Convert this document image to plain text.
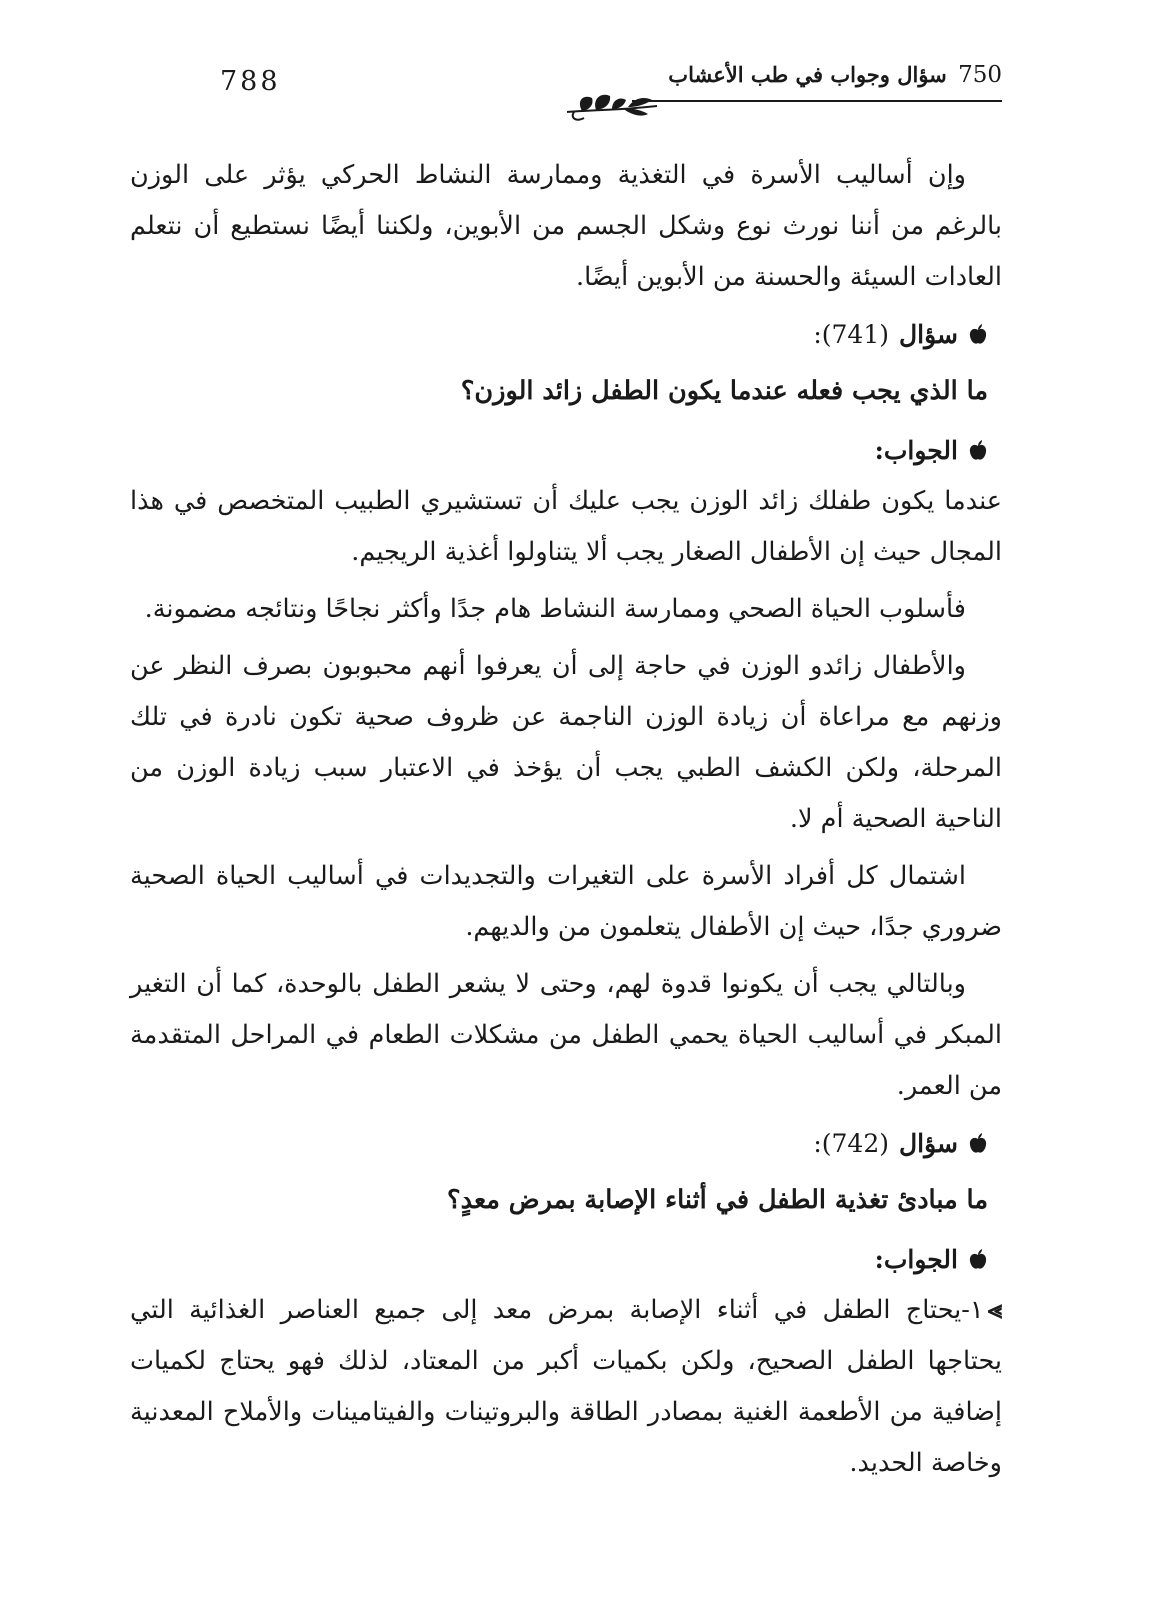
750 سؤال وجواب في طب الأعشاب
788

وإن أساليب الأسرة في التغذية وممارسة النشاط الحركي يؤثر على الوزن بالرغم من أننا نورث نوع وشكل الجسم من الأبوين، ولكننا أيضًا نستطيع أن نتعلم العادات السيئة والحسنة من الأبوين أيضًا.

سؤال
(741):
ما الذي يجب فعله عندما يكون الطفل زائد الوزن؟
الجواب:

عندما يكون طفلك زائد الوزن يجب عليك أن تستشيري الطبيب المتخصص في هذا المجال حيث إن الأطفال الصغار يجب ألا يتناولوا أغذية الريجيم.

فأسلوب الحياة الصحي وممارسة النشاط هام جدًا وأكثر نجاحًا ونتائجه مضمونة.

والأطفال زائدو الوزن في حاجة إلى أن يعرفوا أنهم محبوبون بصرف النظر عن وزنهم مع مراعاة أن زيادة الوزن الناجمة عن ظروف صحية تكون نادرة في تلك المرحلة، ولكن الكشف الطبي يجب أن يؤخذ في الاعتبار سبب زيادة الوزن من الناحية الصحية أم لا.

اشتمال كل أفراد الأسرة على التغيرات والتجديدات في أساليب الحياة الصحية ضروري جدًا، حيث إن الأطفال يتعلمون من والديهم.

وبالتالي يجب أن يكونوا قدوة لهم، وحتى لا يشعر الطفل بالوحدة، كما أن التغير المبكر في أساليب الحياة يحمي الطفل من مشكلات الطعام في المراحل المتقدمة من العمر.

سؤال
(742):
ما مبادئ تغذية الطفل في أثناء الإصابة بمرض معدٍ؟
الجواب:

⪢١-يحتاج الطفل في أثناء الإصابة بمرض معد إلى جميع العناصر الغذائية التي يحتاجها الطفل الصحيح، ولكن بكميات أكبر من المعتاد، لذلك فهو يحتاج لكميات إضافية من الأطعمة الغنية بمصادر الطاقة والبروتينات والفيتامينات والأملاح المعدنية وخاصة الحديد.
